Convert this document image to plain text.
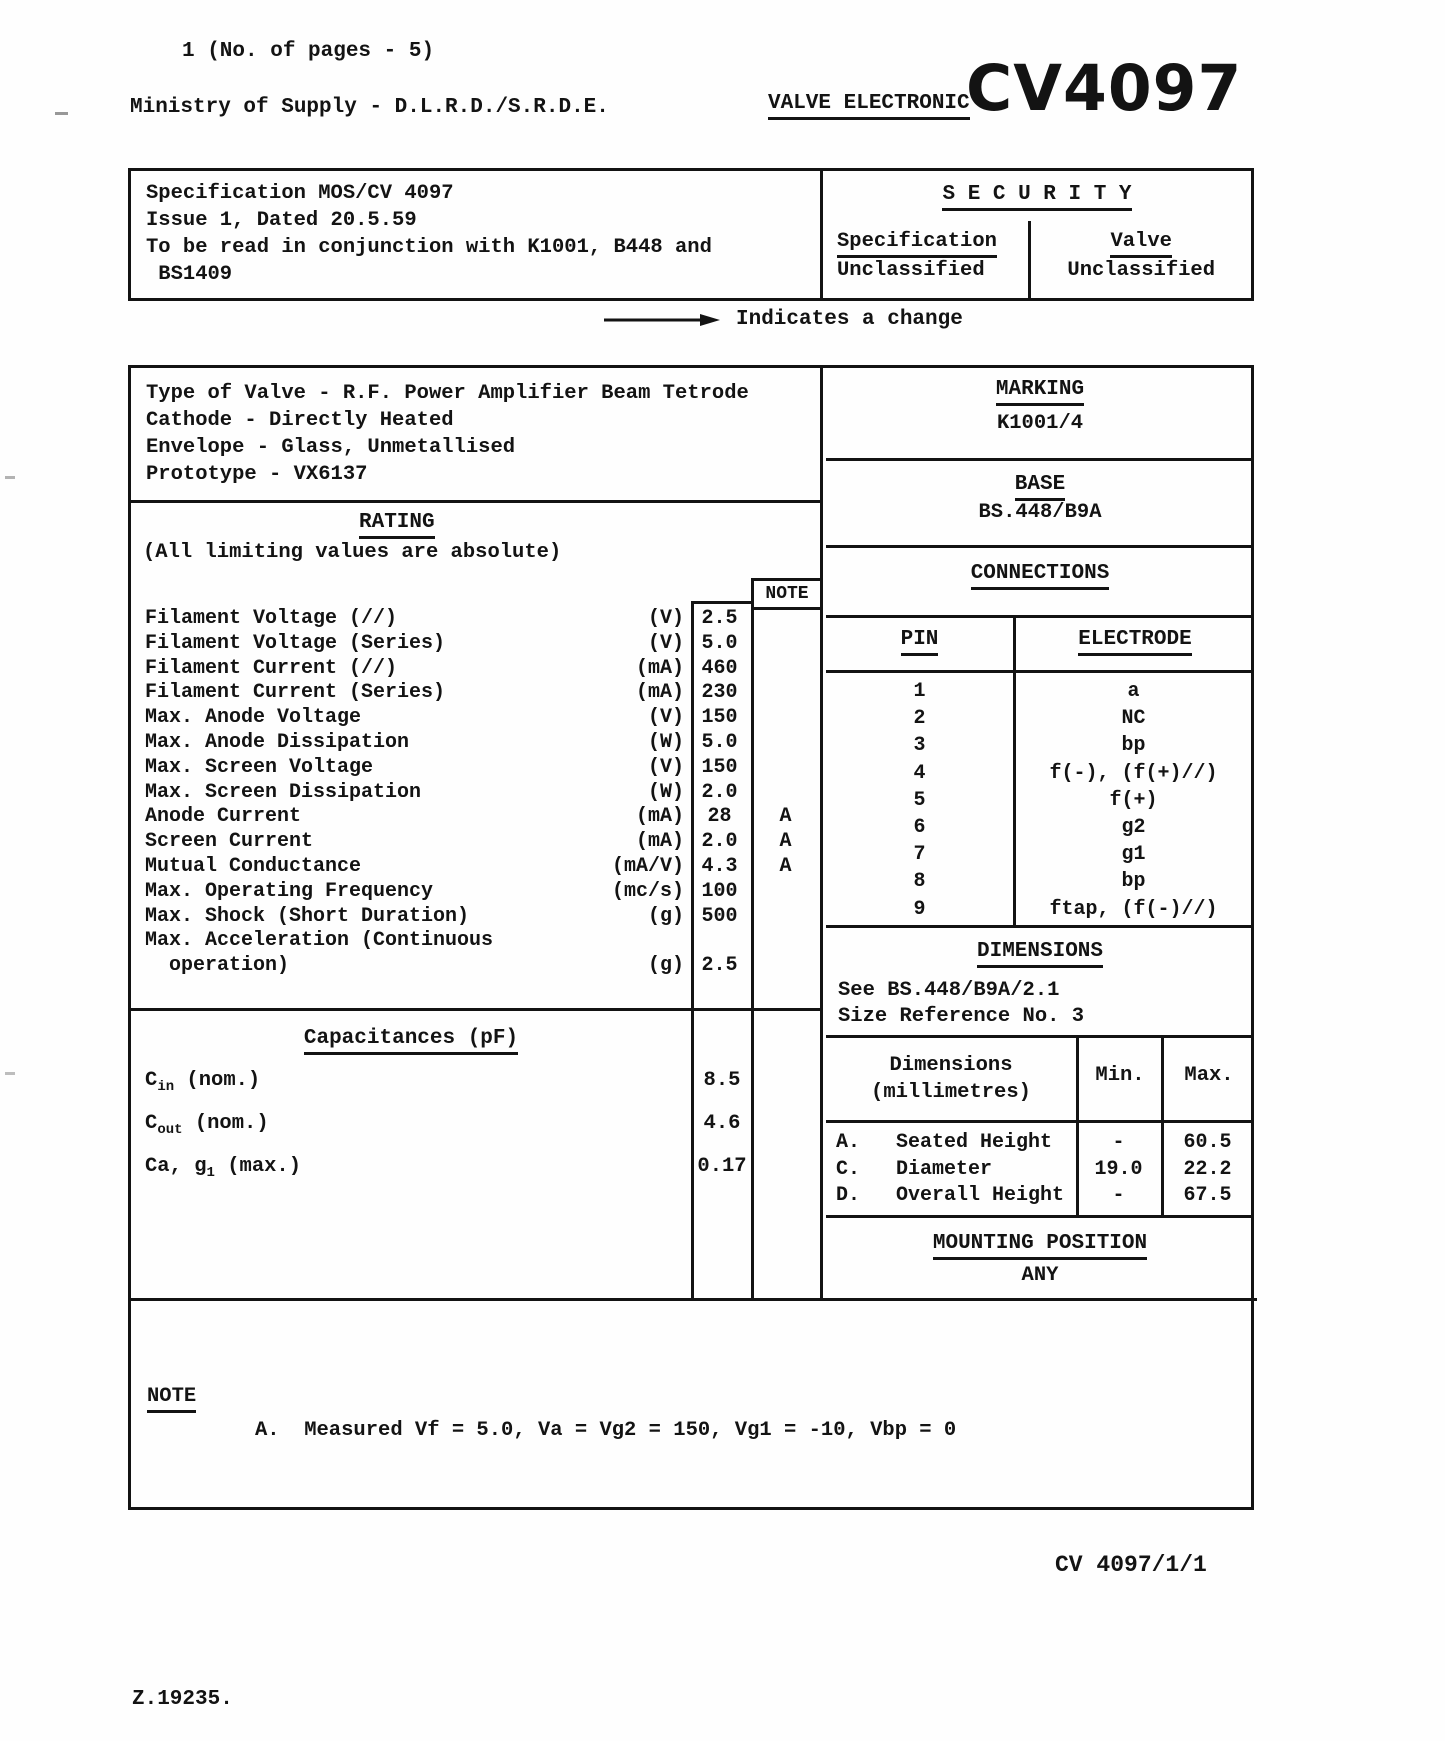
1 (No. of pages - 5)
Ministry of Supply - D.L.R.D./S.R.D.E.	VALVE ELECTRONIC
CV4097
Specification MOS/CV 4097
Issue 1, Dated 20.5.59
To be read in conjunction with K1001, B448 and
BS1409
S E C U R I T Y
Specification
Unclassified
Valve
Unclassified
Indicates a change
Type of Valve - R.F. Power Amplifier Beam Tetrode
Cathode - Directly Heated
Envelope - Glass, Unmetallised
Prototype - VX6137
RATING
(All limiting values are absolute)
Filament Voltage (//)	(V) 2.5
Filament Voltage (Series)	(V) 5.0
Filament Current (//)	(mA) 460
Filament Current (Series)	(mA) 230
Max. Anode Voltage	(V) 150
Max. Anode Dissipation	(W) 5.0
Max. Screen Voltage	(V) 150
Max. Screen Dissipation	(W) 2.0
Anode Current	(mA)	28	A
Screen Current	(mA) 2.0	A
Mutual Conductance	(mA/V) 4.3	A
Max. Operating Frequency	(mc/s) 100
Max. Shock (Short Duration)	(g) 500
Max. Acceleration (Continuous
operation)	(g) 2.5
Capacitances (pF)
$C_{in}$ (nom.)	8.5
$C_{out}$ (nom.)	4.6
Ca, $g_1$ (max.)	0.17
NOTE
MARKING
K1001/4
BASE
BS.448/B9A
CONNECTIONS
PIN	ELECTRODE
1	a
2	NC
3	bp
4	f(-), (f(+)//)
5	f(+)
6	g2
7	g1
8	bp
9	ftap, (f(-)//)
DIMENSIONS
See BS.448/B9A/2.1
Size Reference No. 3
Dimensions
(millimetres)
Min.	Max.
A.   Seated Height	-	60.5
C.   Diameter	19.0	22.2
D.   Overall Height	-	67.5
MOUNTING POSITION
ANY
NOTE
A.  Measured Vf = 5.0, Va = Vg2 = 150, Vg1 = -10, Vbp = 0
CV 4097/1/1
Z.19235.
